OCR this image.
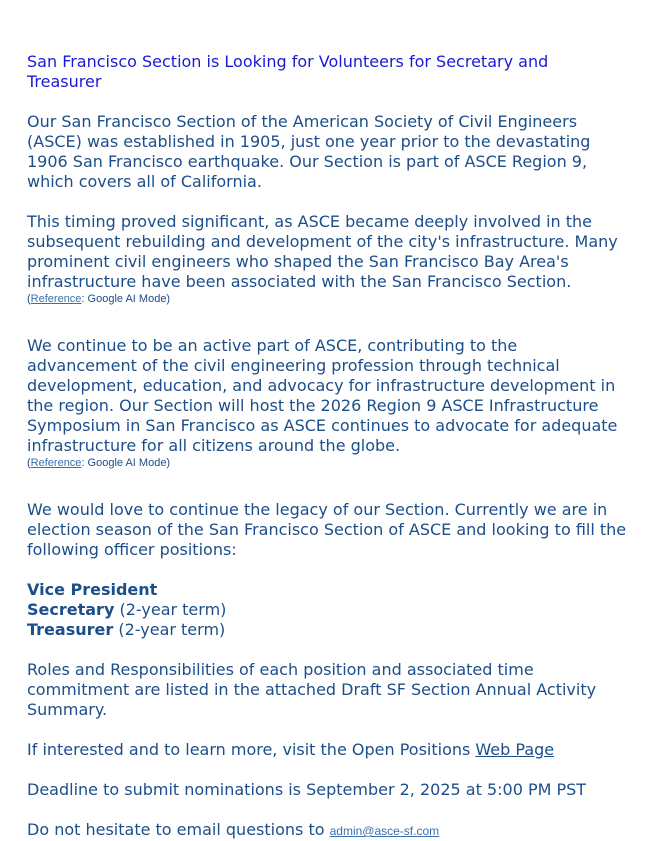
San Francisco Section is Looking for Volunteers for Secretary and Treasurer

Our San Francisco Section of the American Society of Civil Engineers (ASCE) was established in 1905, just one year prior to the devastating 1906 San Francisco earthquake. Our Section is part of ASCE Region 9, which covers all of California.

This timing proved significant, as ASCE became deeply involved in the subsequent rebuilding and development of the city's infrastructure. Many prominent civil engineers who shaped the San Francisco Bay Area's infrastructure have been associated with the San Francisco Section.

(Reference: Google AI Mode)

We continue to be an active part of ASCE, contributing to the advancement of the civil engineering profession through technical development, education, and advocacy for infrastructure development in the region. Our Section will host the 2026 Region 9 ASCE Infrastructure Symposium in San Francisco as ASCE continues to advocate for adequate infrastructure for all citizens around the globe.

(Reference: Google AI Mode)

We would love to continue the legacy of our Section. Currently we are in election season of the San Francisco Section of ASCE and looking to fill the following officer positions:

Vice President
Secretary (2-year term)
Treasurer (2-year term)

Roles and Responsibilities of each position and associated time commitment are listed in the attached Draft SF Section Annual Activity Summary.

If interested and to learn more, visit the Open Positions Web Page

Deadline to submit nominations is September 2, 2025 at 5:00 PM PST

Do not hesitate to email questions to admin@asce-sf.com
